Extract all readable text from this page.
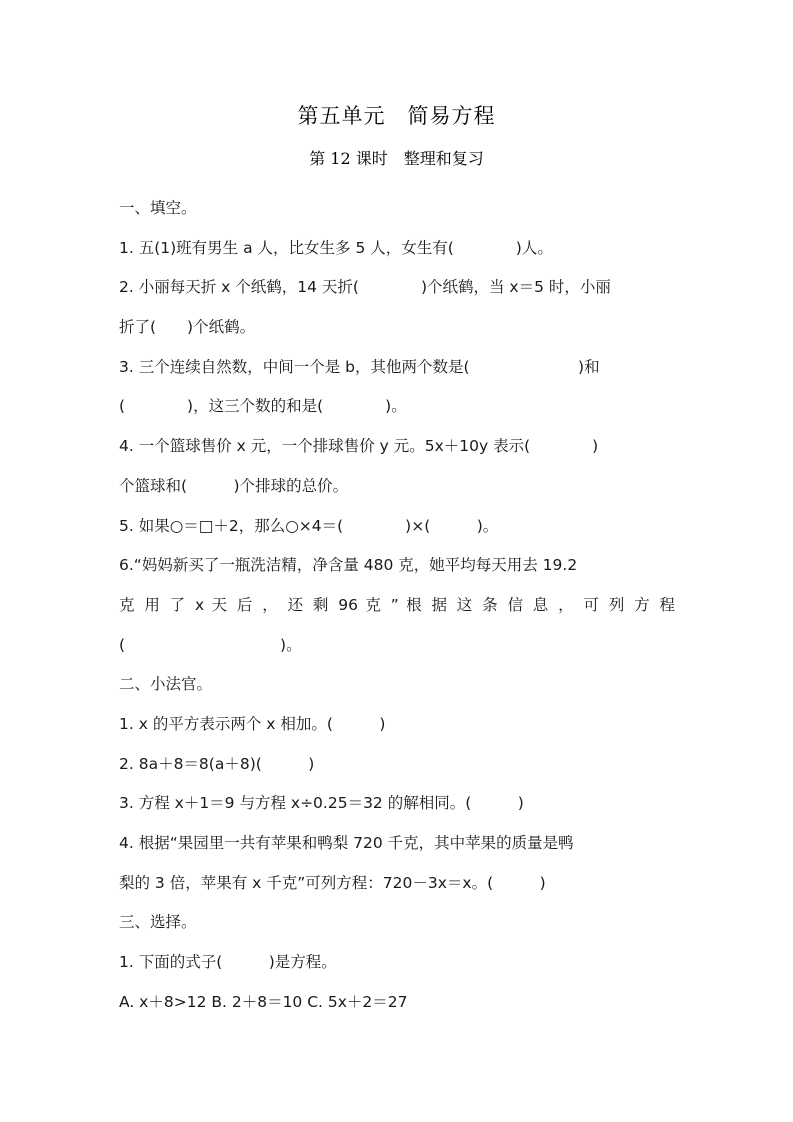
第五单元　简易方程
第 12 课时　整理和复习
一、填空。
1. 五(1)班有男生 a 人，比女生多 5 人，女生有(　　　　)人。
2. 小丽每天折 x 个纸鹤，14 天折(　　　　)个纸鹤，当 x＝5 时，小丽
折了(　　)个纸鹤。
3. 三个连续自然数，中间一个是 b，其他两个数是(　　　　　　　)和
(　　　　)，这三个数的和是(　　　　)。
4. 一个篮球售价 x 元，一个排球售价 y 元。5x＋10y 表示(　　　　)
个篮球和(　　　)个排球的总价。
5. 如果○＝□＋2，那么○×4＝(　　　　)×(　　　)。
6.“妈妈新买了一瓶洗洁精，净含量 480 克，她平均每天用去 19.2
克 用 了 x 天 后 ， 还 剩 96 克 ” 根 据 这 条 信 息 ， 可 列 方 程
(　　　　　　　　　　)。
二、小法官。
1. x 的平方表示两个 x 相加。(　　　)
2. 8a＋8＝8(a＋8)(　　　)
3. 方程 x＋1＝9 与方程 x÷0.25＝32 的解相同。(　　　)
4. 根据“果园里一共有苹果和鸭梨 720 千克，其中苹果的质量是鸭
梨的 3 倍，苹果有 x 千克”可列方程：720－3x＝x。(　　　)
三、选择。
1. 下面的式子(　　　)是方程。
A. x＋8>12 B. 2＋8＝10 C. 5x＋2＝27
